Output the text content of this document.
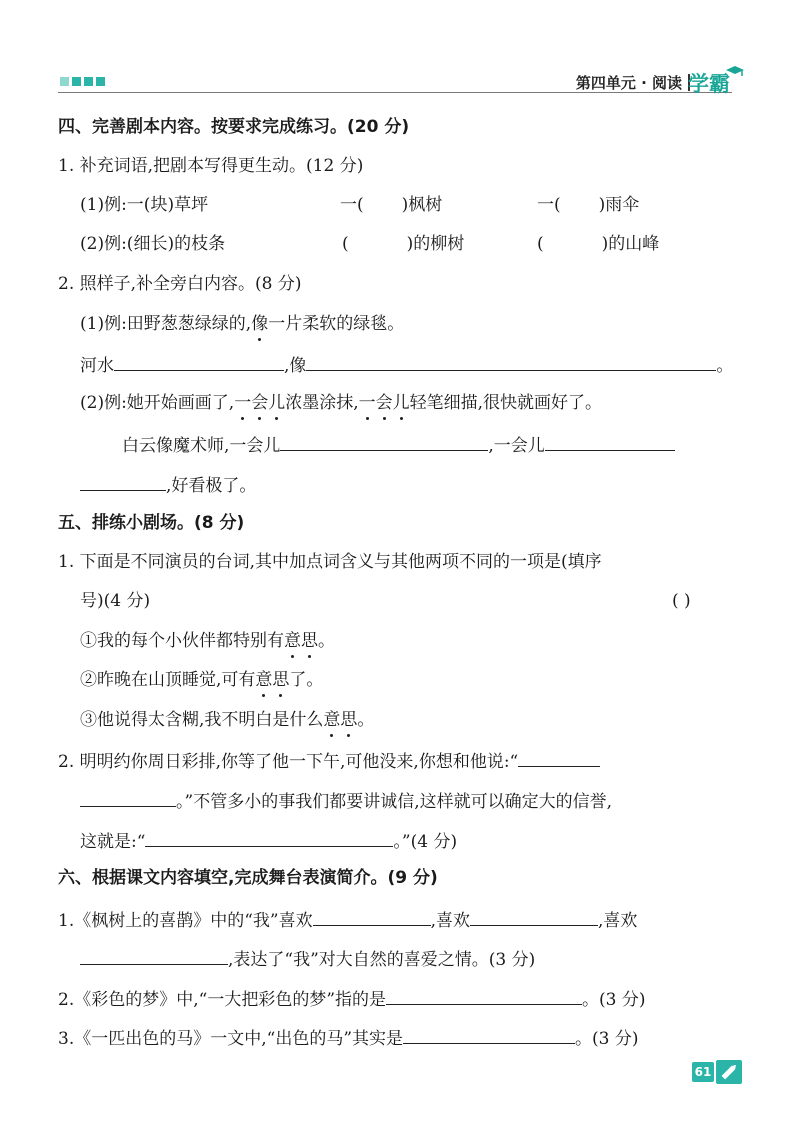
第四单元 · 阅读 学霸
四、完善剧本内容。按要求完成练习。(20 分)
1. 补充词语,把剧本写得更生动。(12 分)
(1)例:一(块)草坪	一( )枫树	一( )雨伞
(2)例:(细长)的枝条	(	)的柳树	(	)的山峰
2. 照样子,补全旁白内容。(8 分)
(1)例:田野葱葱绿绿的,像一片柔软的绿毯。
河水	,像	。
(2)例:她开始画画了,一会儿浓墨涂抹,一会儿轻笔细描,很快就画好了。
白云像魔术师,一会儿	,一会儿
,好看极了。
五、排练小剧场。(8 分)
1. 下面是不同演员的台词,其中加点词含义与其他两项不同的一项是(填序
号)(4 分)	( )
①我的每个小伙伴都特别有意思。
②昨晚在山顶睡觉,可有意思了。
③他说得太含糊,我不明白是什么意思。
2. 明明约你周日彩排,你等了他一下午,可他没来,你想和他说:“
。”不管多小的事我们都要讲诚信,这样就可以确定大的信誉,
这就是:“	。”(4 分)
六、根据课文内容填空,完成舞台表演简介。(9 分)
1.《枫树上的喜鹊》中的“我”喜欢	,喜欢	,喜欢
,表达了“我”对大自然的喜爱之情。(3 分)
2.《彩色的梦》中,“一大把彩色的梦”指的是	。(3 分)
3.《一匹出色的马》一文中,“出色的马”其实是	。(3 分)
61
